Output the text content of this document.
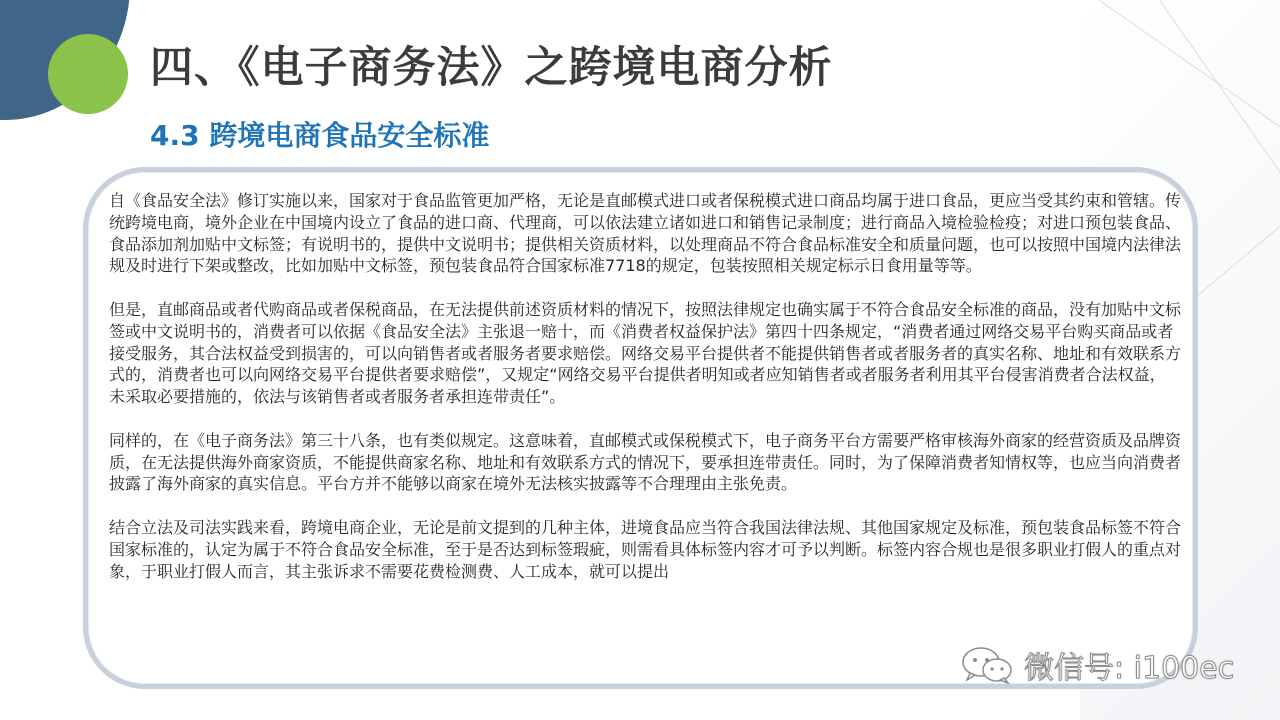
四、《电子商务法》之跨境电商分析
4.3 跨境电商食品安全标准

自《食品安全法》修订实施以来，国家对于食品监管更加严格，无论是直邮模式进口或者保税模式进口商品均属于进口食品，更应当受其约束和管辖。传统跨境电商，境外企业在中国境内设立了食品的进口商、代理商，可以依法建立诸如进口和销售记录制度；进行商品入境检验检疫；对进口预包装食品、食品添加剂加贴中文标签；有说明书的，提供中文说明书；提供相关资质材料，以处理商品不符合食品标准安全和质量问题，也可以按照中国境内法律法规及时进行下架或整改，比如加贴中文标签，预包装食品符合国家标准7718的规定，包装按照相关规定标示日食用量等等。

但是，直邮商品或者代购商品或者保税商品，在无法提供前述资质材料的情况下，按照法律规定也确实属于不符合食品安全标准的商品，没有加贴中文标签或中文说明书的，消费者可以依据《食品安全法》主张退一赔十，而《消费者权益保护法》第四十四条规定，“消费者通过网络交易平台购买商品或者接受服务，其合法权益受到损害的，可以向销售者或者服务者要求赔偿。网络交易平台提供者不能提供销售者或者服务者的真实名称、地址和有效联系方式的，消费者也可以向网络交易平台提供者要求赔偿”，又规定“网络交易平台提供者明知或者应知销售者或者服务者利用其平台侵害消费者合法权益，未采取必要措施的，依法与该销售者或者服务者承担连带责任”。

同样的，在《电子商务法》第三十八条，也有类似规定。这意味着，直邮模式或保税模式下，电子商务平台方需要严格审核海外商家的经营资质及品牌资质，在无法提供海外商家资质，不能提供商家名称、地址和有效联系方式的情况下，要承担连带责任。同时，为了保障消费者知情权等，也应当向消费者披露了海外商家的真实信息。平台方并不能够以商家在境外无法核实披露等不合理理由主张免责。

结合立法及司法实践来看，跨境电商企业，无论是前文提到的几种主体，进境食品应当符合我国法律法规、其他国家规定及标准，预包装食品标签不符合国家标准的，认定为属于不符合食品安全标准，至于是否达到标签瑕疵，则需看具体标签内容才可予以判断。标签内容合规也是很多职业打假人的重点对象，于职业打假人而言，其主张诉求不需要花费检测费、人工成本，就可以提出

微信号: i100ec
